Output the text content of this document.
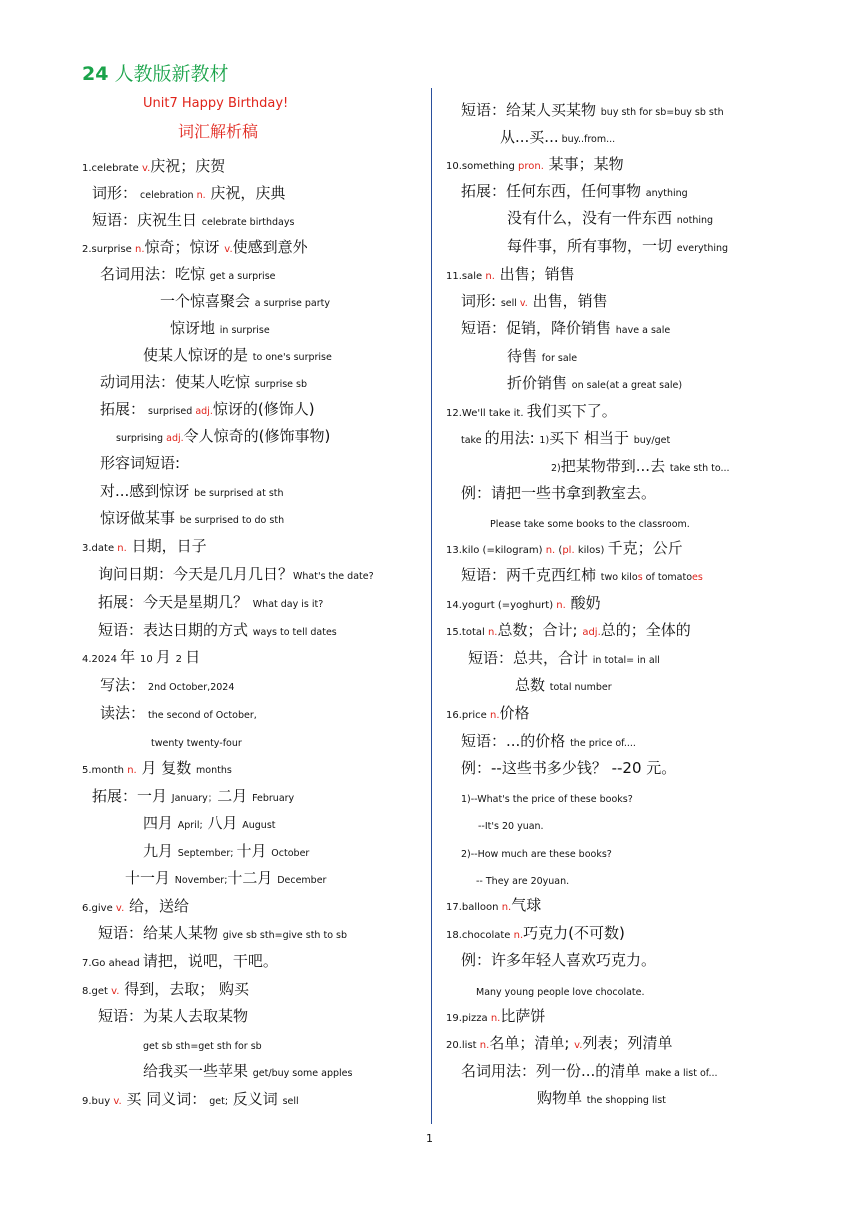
24 人教版新教材
Unit7 Happy Birthday!
词汇解析稿
1.celebrate v.庆祝；庆贺
词形： celebration n. 庆祝，庆典
短语：庆祝生日 celebrate birthdays
2.surprise n.惊奇；惊讶 v.使感到意外
名词用法：吃惊 get a surprise
一个惊喜聚会 a surprise party
惊讶地 in surprise
使某人惊讶的是 to one's surprise
动词用法：使某人吃惊 surprise sb
拓展： surprised adj.惊讶的(修饰人)
surprising adj.令人惊奇的(修饰事物)
形容词短语:
对...感到惊讶 be surprised at sth
惊讶做某事 be surprised to do sth
3.date n. 日期，日子
询问日期：今天是几月几日？What's the date?
拓展：今天是星期几？ What day is it?
短语：表达日期的方式 ways to tell dates
4.2024 年 10 月 2 日
写法： 2nd October,2024
读法： the second of October,
twenty twenty-four
5.month n. 月 复数 months
拓展：一月 January；二月 February
四月 April; 八月 August
九月 September; 十月 October
十一月 November;十二月 December
6.give v. 给，送给
短语：给某人某物 give sb sth=give sth to sb
7.Go ahead 请把，说吧，干吧。
8.get v. 得到，去取； 购买
短语：为某人去取某物
get sb sth=get sth for sb
给我买一些苹果 get/buy some apples
9.buy v. 买 同义词： get; 反义词 sell
短语：给某人买某物 buy sth for sb=buy sb sth
从...买... buy..from...
10.something pron. 某事；某物
拓展：任何东西，任何事物 anything
没有什么，没有一件东西 nothing
每件事，所有事物，一切 everything
11.sale n. 出售；销售
词形: sell v. 出售，销售
短语：促销，降价销售 have a sale
待售 for sale
折价销售 on sale(at a great sale)
12.We'll take it. 我们买下了。
take 的用法: 1)买下 相当于 buy/get
2)把某物带到...去 take sth to...
例：请把一些书拿到教室去。
Please take some books to the classroom.
13.kilo (=kilogram) n. (pl. kilos) 千克；公斤
短语：两千克西红柿 two kilos of tomatoes
14.yogurt (=yoghurt) n. 酸奶
15.total n.总数；合计; adj.总的；全体的
短语：总共，合计 in total= in all
总数 total number
16.price n.价格
短语：...的价格 the price of....
例：--这些书多少钱？ --20 元。
1)--What's the price of these books?
--It's 20 yuan.
2)--How much are these books?
-- They are 20yuan.
17.balloon n.气球
18.chocolate n.巧克力(不可数)
例：许多年轻人喜欢巧克力。
Many young people love chocolate.
19.pizza n.比萨饼
20.list n.名单；清单; v.列表；列清单
名词用法：列一份...的清单 make a list of...
购物单 the shopping list
1
